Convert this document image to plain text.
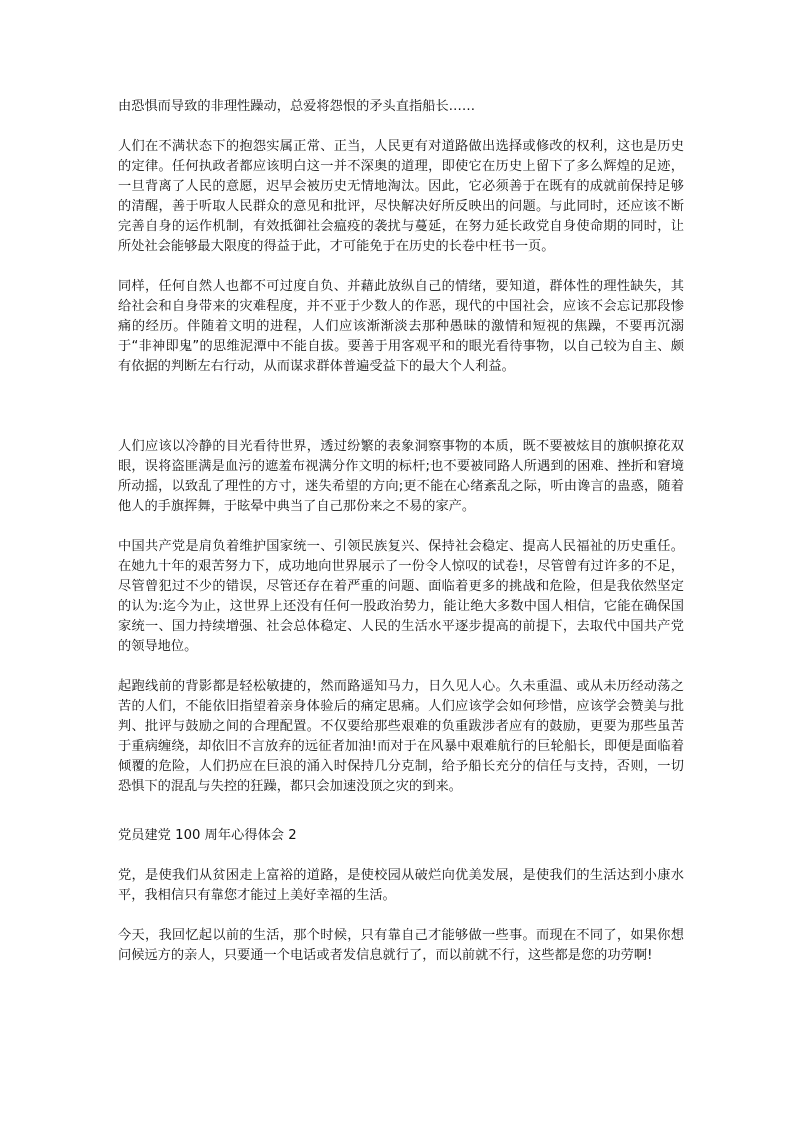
由恐惧而导致的非理性躁动，总爱将怨恨的矛头直指船长……

人们在不满状态下的抱怨实属正常、正当，人民更有对道路做出选择或修改的权利，这也是历史的定律。任何执政者都应该明白这一并不深奥的道理，即使它在历史上留下了多么辉煌的足迹，一旦背离了人民的意愿，迟早会被历史无情地淘汰。因此，它必须善于在既有的成就前保持足够的清醒，善于听取人民群众的意见和批评，尽快解决好所反映出的问题。与此同时，还应该不断完善自身的运作机制，有效抵御社会瘟疫的袭扰与蔓延，在努力延长政党自身使命期的同时，让所处社会能够最大限度的得益于此，才可能免于在历史的长卷中枉书一页。

同样，任何自然人也都不可过度自负、并藉此放纵自己的情绪，要知道，群体性的理性缺失，其给社会和自身带来的灾难程度，并不亚于少数人的作恶，现代的中国社会，应该不会忘记那段惨痛的经历。伴随着文明的进程，人们应该渐渐淡去那种愚昧的激情和短视的焦躁，不要再沉溺于“非神即鬼”的思维泥潭中不能自拔。要善于用客观平和的眼光看待事物，以自己较为自主、颇有依据的判断左右行动，从而谋求群体普遍受益下的最大个人利益。

人们应该以冷静的目光看待世界，透过纷繁的表象洞察事物的本质，既不要被炫目的旗帜撩花双眼，误将盗匪满是血污的遮羞布视满分作文明的标杆;也不要被同路人所遇到的困难、挫折和窘境所动摇，以致乱了理性的方寸，迷失希望的方向;更不能在心绪紊乱之际，听由谗言的蛊惑，随着他人的手旗挥舞，于眩晕中典当了自己那份来之不易的家产。

中国共产党是肩负着维护国家统一、引领民族复兴、保持社会稳定、提高人民福祉的历史重任。在她九十年的艰苦努力下，成功地向世界展示了一份令人惊叹的试卷!，尽管曾有过许多的不足，尽管曾犯过不少的错误，尽管还存在着严重的问题、面临着更多的挑战和危险，但是我依然坚定的认为:迄今为止，这世界上还没有任何一股政治势力，能让绝大多数中国人相信，它能在确保国家统一、国力持续增强、社会总体稳定、人民的生活水平逐步提高的前提下，去取代中国共产党的领导地位。

起跑线前的背影都是轻松敏捷的，然而路遥知马力，日久见人心。久未重温、或从未历经动荡之苦的人们，不能依旧指望着亲身体验后的痛定思痛。人们应该学会如何珍惜，应该学会赞美与批判、批评与鼓励之间的合理配置。不仅要给那些艰难的负重跋涉者应有的鼓励，更要为那些虽苦于重病缠绕，却依旧不言放弃的远征者加油!而对于在风暴中艰难航行的巨轮船长，即便是面临着倾覆的危险，人们扔应在巨浪的涌入时保持几分克制，给予船长充分的信任与支持，否则，一切恐惧下的混乱与失控的狂躁，都只会加速没顶之灾的到来。

党员建党 100 周年心得体会 2

党，是使我们从贫困走上富裕的道路，是使校园从破烂向优美发展，是使我们的生活达到小康水平，我相信只有靠您才能过上美好幸福的生活。

今天，我回忆起以前的生活，那个时候，只有靠自己才能够做一些事。而现在不同了，如果你想问候远方的亲人，只要通一个电话或者发信息就行了，而以前就不行，这些都是您的功劳啊!
